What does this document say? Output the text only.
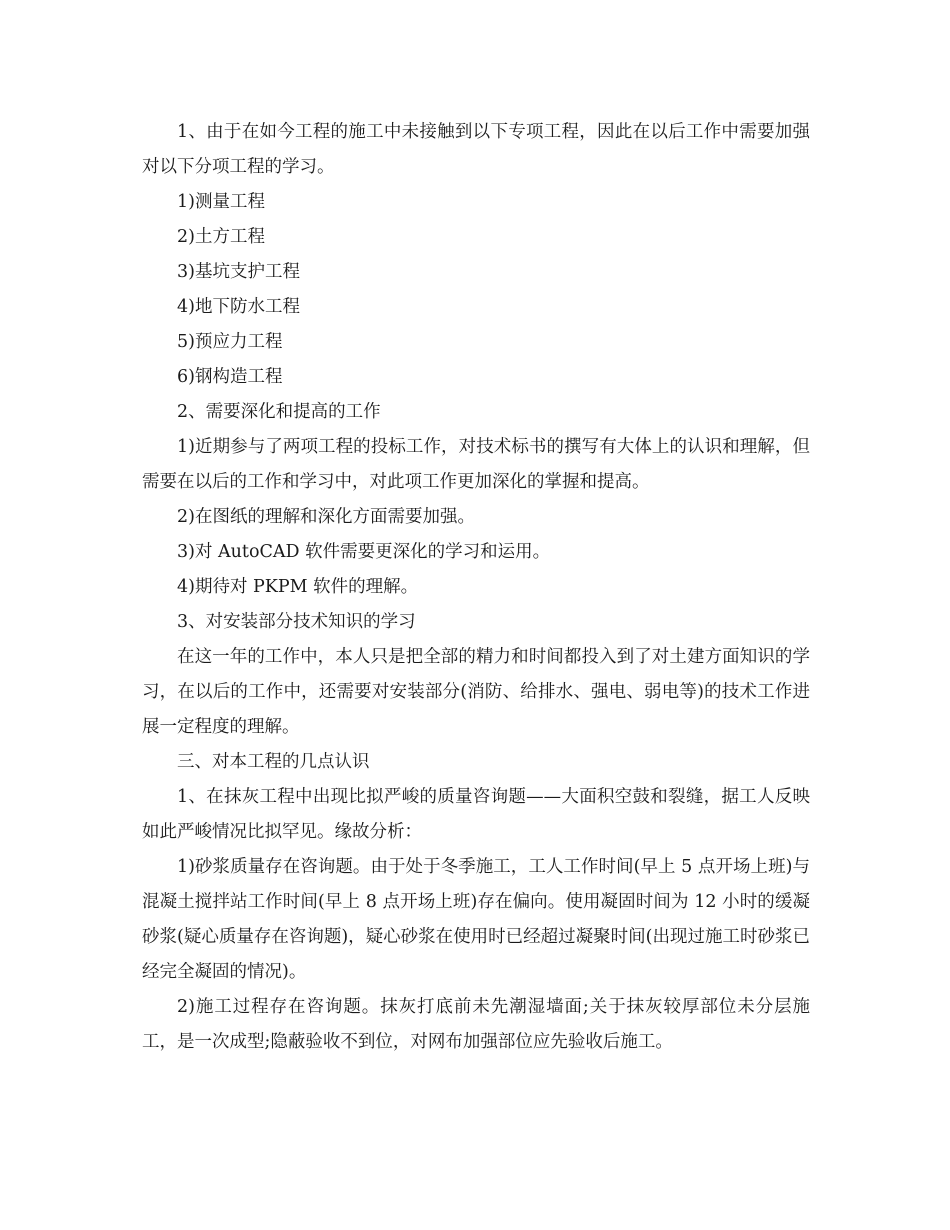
1、由于在如今工程的施工中未接触到以下专项工程，因此在以后工作中需要加强对以下分项工程的学习。

1)测量工程

2)土方工程

3)基坑支护工程

4)地下防水工程

5)预应力工程

6)钢构造工程

2、需要深化和提高的工作

1)近期参与了两项工程的投标工作，对技术标书的撰写有大体上的认识和理解，但需要在以后的工作和学习中，对此项工作更加深化的掌握和提高。

2)在图纸的理解和深化方面需要加强。

3)对 AutoCAD 软件需要更深化的学习和运用。

4)期待对 PKPM 软件的理解。

3、对安装部分技术知识的学习

在这一年的工作中，本人只是把全部的精力和时间都投入到了对土建方面知识的学习，在以后的工作中，还需要对安装部分(消防、给排水、强电、弱电等)的技术工作进展一定程度的理解。

三、对本工程的几点认识

1、在抹灰工程中出现比拟严峻的质量咨询题——大面积空鼓和裂缝，据工人反映如此严峻情况比拟罕见。缘故分析：

1)砂浆质量存在咨询题。由于处于冬季施工，工人工作时间(早上 5 点开场上班)与混凝土搅拌站工作时间(早上 8 点开场上班)存在偏向。使用凝固时间为 12 小时的缓凝砂浆(疑心质量存在咨询题)，疑心砂浆在使用时已经超过凝聚时间(出现过施工时砂浆已经完全凝固的情况)。

2)施工过程存在咨询题。抹灰打底前未先潮湿墙面;关于抹灰较厚部位未分层施工，是一次成型;隐蔽验收不到位，对网布加强部位应先验收后施工。
